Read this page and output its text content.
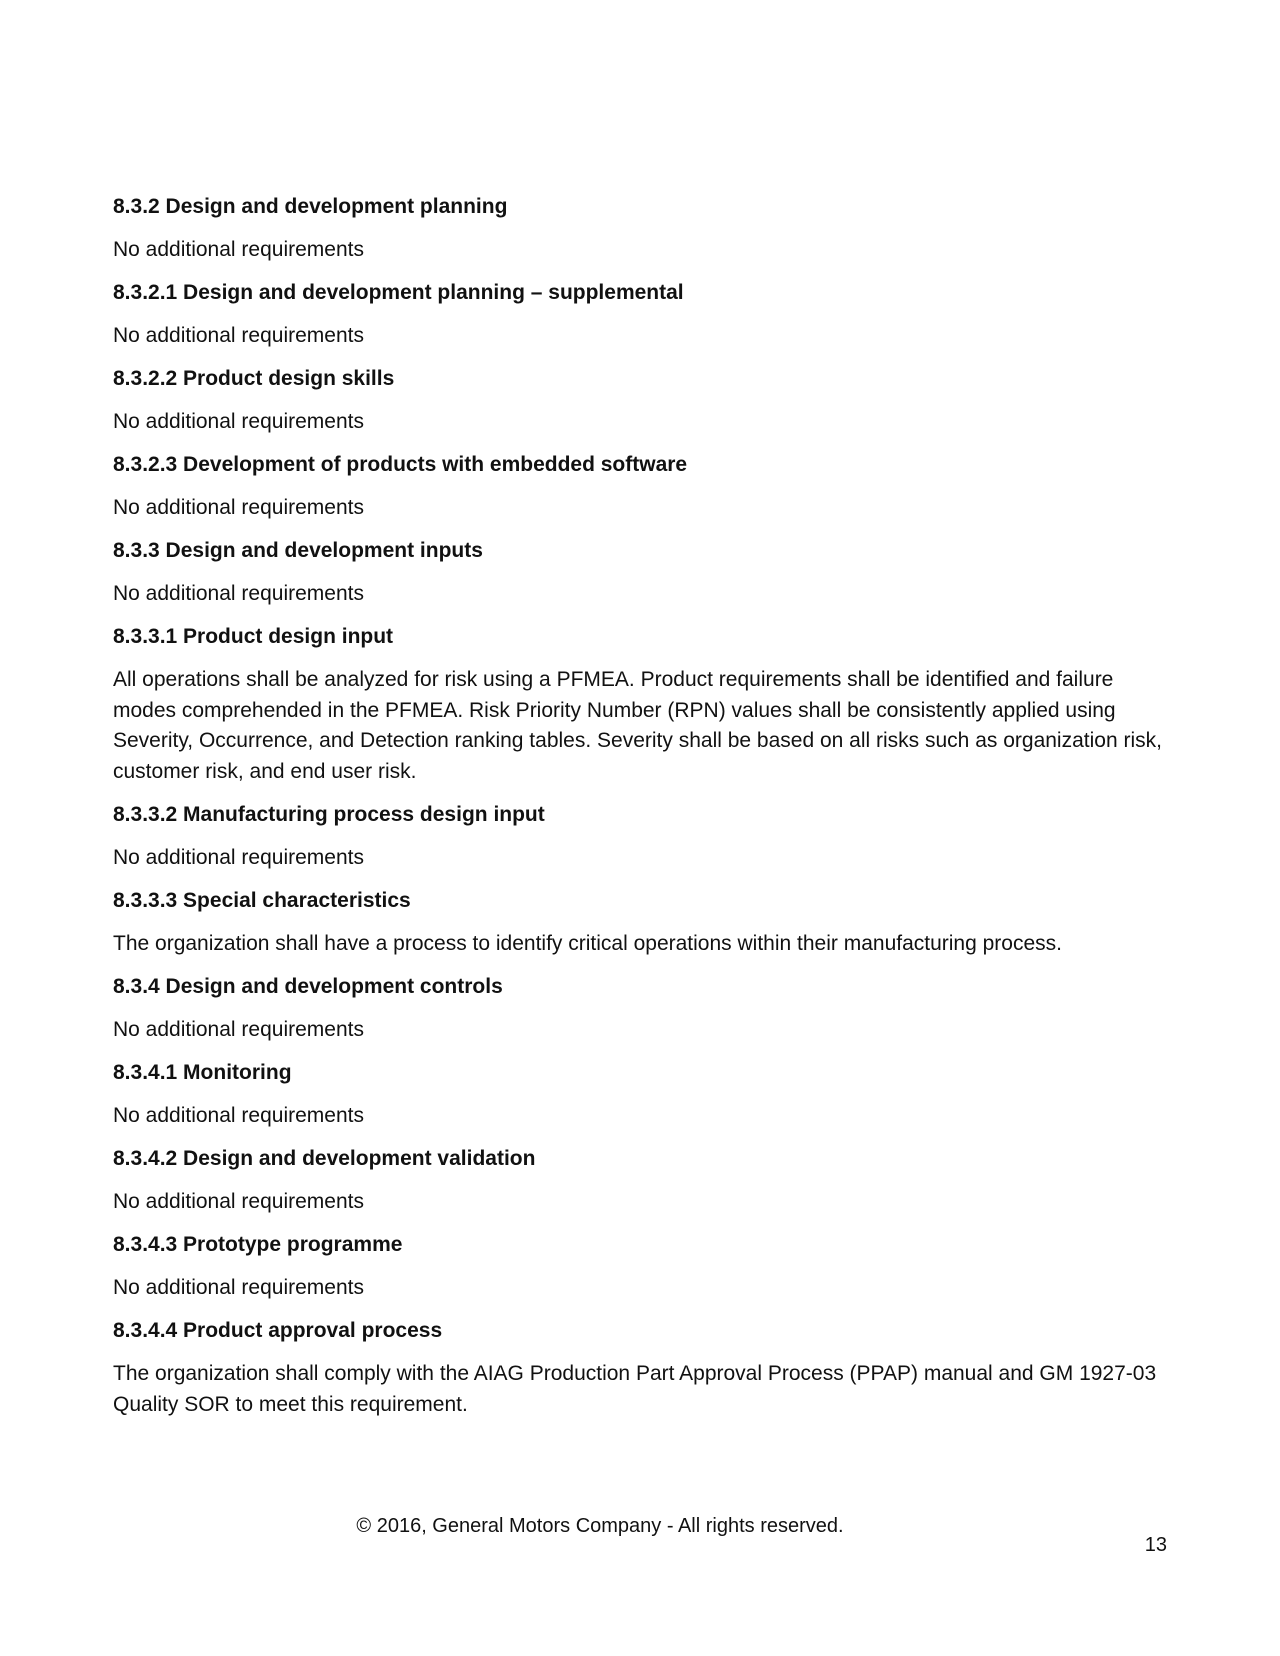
8.3.2 Design and development planning
No additional requirements
8.3.2.1 Design and development planning – supplemental
No additional requirements
8.3.2.2 Product design skills
No additional requirements
8.3.2.3 Development of products with embedded software
No additional requirements
8.3.3 Design and development inputs
No additional requirements
8.3.3.1 Product design input
All operations shall be analyzed for risk using a PFMEA. Product requirements shall be identified and failure modes comprehended in the PFMEA. Risk Priority Number (RPN) values shall be consistently applied using Severity, Occurrence, and Detection ranking tables. Severity shall be based on all risks such as organization risk, customer risk, and end user risk.
8.3.3.2 Manufacturing process design input
No additional requirements
8.3.3.3 Special characteristics
The organization shall have a process to identify critical operations within their manufacturing process.
8.3.4 Design and development controls
No additional requirements
8.3.4.1 Monitoring
No additional requirements
8.3.4.2 Design and development validation
No additional requirements
8.3.4.3 Prototype programme
No additional requirements
8.3.4.4 Product approval process
The organization shall comply with the AIAG Production Part Approval Process (PPAP) manual and GM 1927-03 Quality SOR to meet this requirement.
© 2016, General Motors Company - All rights reserved.
13
